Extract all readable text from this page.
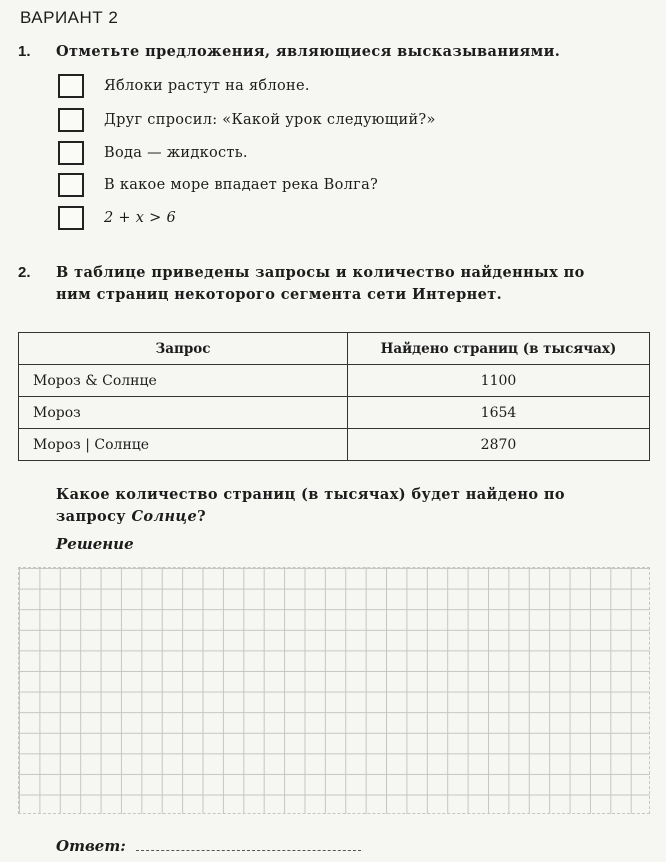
ВАРИАНТ 2
1. Отметьте предложения, являющиеся высказываниями.
Яблоки растут на яблоне.
Друг спросил: «Какой урок следующий?»
Вода — жидкость.
В какое море впадает река Волга?
2 + x > 6
2. В таблице приведены запросы и количество найденных по
ним страниц некоторого сегмента сети Интернет.
Запрос	Найдено страниц (в тысячах)
Мороз & Солнце	1100
Мороз	1654
Мороз | Солнце	2870
Какое количество страниц (в тысячах) будет найдено по
запросу Солнце?
Решение
Ответ:
